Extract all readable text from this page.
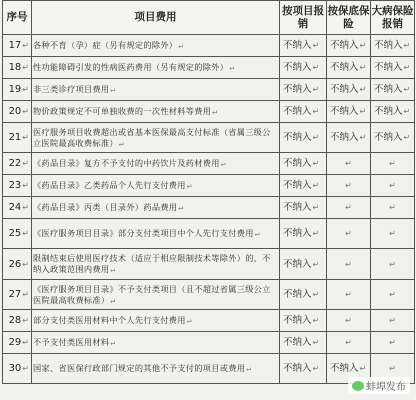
序号	项目费用	按项目报销	按保底保险	大病保险报销
17↵	各种不育（孕）症（另有规定的除外）↵	不纳入↵	不纳入↵	不纳入↵
18↵	性功能障碍引发的性病医药费用（另有规定的除外）↵	不纳入↵	不纳入↵	不纳入↵
19↵	非三类诊疗项目费用↵	不纳入↵	不纳入↵	不纳入↵
20↵	物价政策规定不可单独收费的一次性材料等费用↵	不纳入↵	不纳入↵	不纳入↵
21↵	医疗服务项目收费超出或省基本医保最高支付标准（省属三级公立医院最高收费标准）↵	不纳入↵	不纳入↵	不纳入↵
22↵	《药品目录》复方不予支付的中药饮片及药材费用↵	不纳入↵	↵	↵
23↵	《药品目录》乙类药品个人先行支付费用↵	不纳入↵	↵	↵
24↵	《药品目录》丙类（目录外）药品费用↵	不纳入↵	↵	↵
25↵	《医疗服务项目目录》部分支付类项目中个人先行支付费用↵	不纳入↵	↵	↵
26↵	限制结束后使用医疗技术（适应于相应限制技术等除外）的，不纳入政策范围内费用↵	不纳入↵	↵	↵
27↵	《医疗服务项目目录》不予支付类项目（且不超过省属三级公立医院最高收费标准）↵	不纳入↵	↵	↵
28↵	部分支付类医用材料中个人先行支付费用↵	不纳入↵	↵	↵
29↵	不予支付类医用材料↵	不纳入↵	↵	↵
30↵	国家、省医保行政部门规定的其他不予支付的项目或费用↵	不纳入↵	不纳入↵	↵
蚌埠发布
